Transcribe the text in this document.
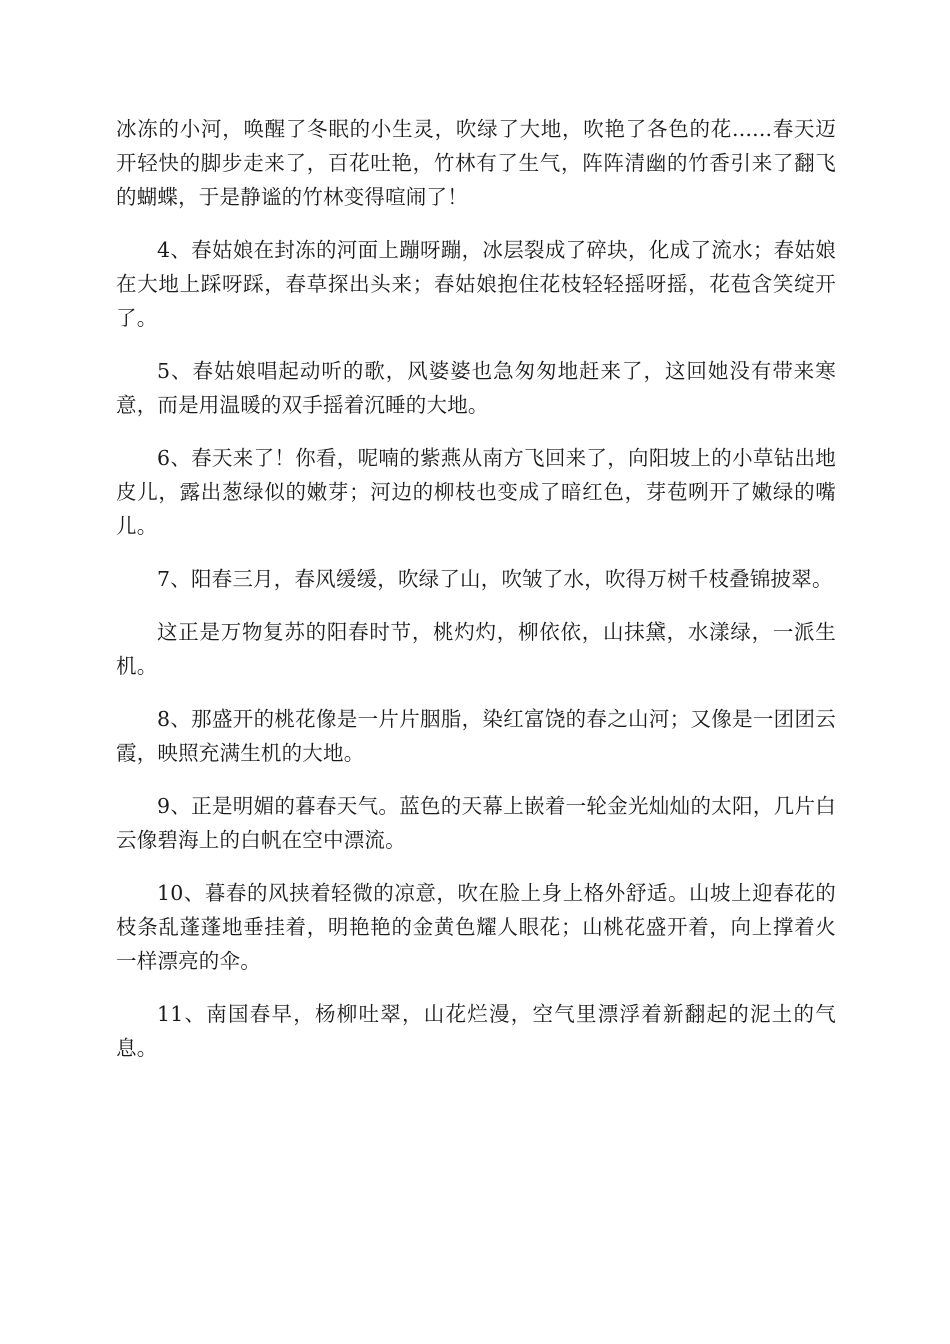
冰冻的小河，唤醒了冬眠的小生灵，吹绿了大地，吹艳了各色的花......春天迈开轻快的脚步走来了，百花吐艳，竹林有了生气，阵阵清幽的竹香引来了翻飞的蝴蝶，于是静谧的竹林变得喧闹了！

4、春姑娘在封冻的河面上蹦呀蹦，冰层裂成了碎块，化成了流水；春姑娘在大地上踩呀踩，春草探出头来；春姑娘抱住花枝轻轻摇呀摇，花苞含笑绽开了。

5、春姑娘唱起动听的歌，风婆婆也急匆匆地赶来了，这回她没有带来寒意，而是用温暖的双手摇着沉睡的大地。

6、春天来了！你看，呢喃的紫燕从南方飞回来了，向阳坡上的小草钻出地皮儿，露出葱绿似的嫩芽；河边的柳枝也变成了暗红色，芽苞咧开了嫩绿的嘴儿。

7、阳春三月，春风缓缓，吹绿了山，吹皱了水，吹得万树千枝叠锦披翠。

这正是万物复苏的阳春时节，桃灼灼，柳依依，山抹黛，水漾绿，一派生机。

8、那盛开的桃花像是一片片胭脂，染红富饶的春之山河；又像是一团团云霞，映照充满生机的大地。

9、正是明媚的暮春天气。蓝色的天幕上嵌着一轮金光灿灿的太阳，几片白云像碧海上的白帆在空中漂流。

10、暮春的风挟着轻微的凉意，吹在脸上身上格外舒适。山坡上迎春花的枝条乱蓬蓬地垂挂着，明艳艳的金黄色耀人眼花；山桃花盛开着，向上撑着火一样漂亮的伞。

11、南国春早，杨柳吐翠，山花烂漫，空气里漂浮着新翻起的泥土的气息。
